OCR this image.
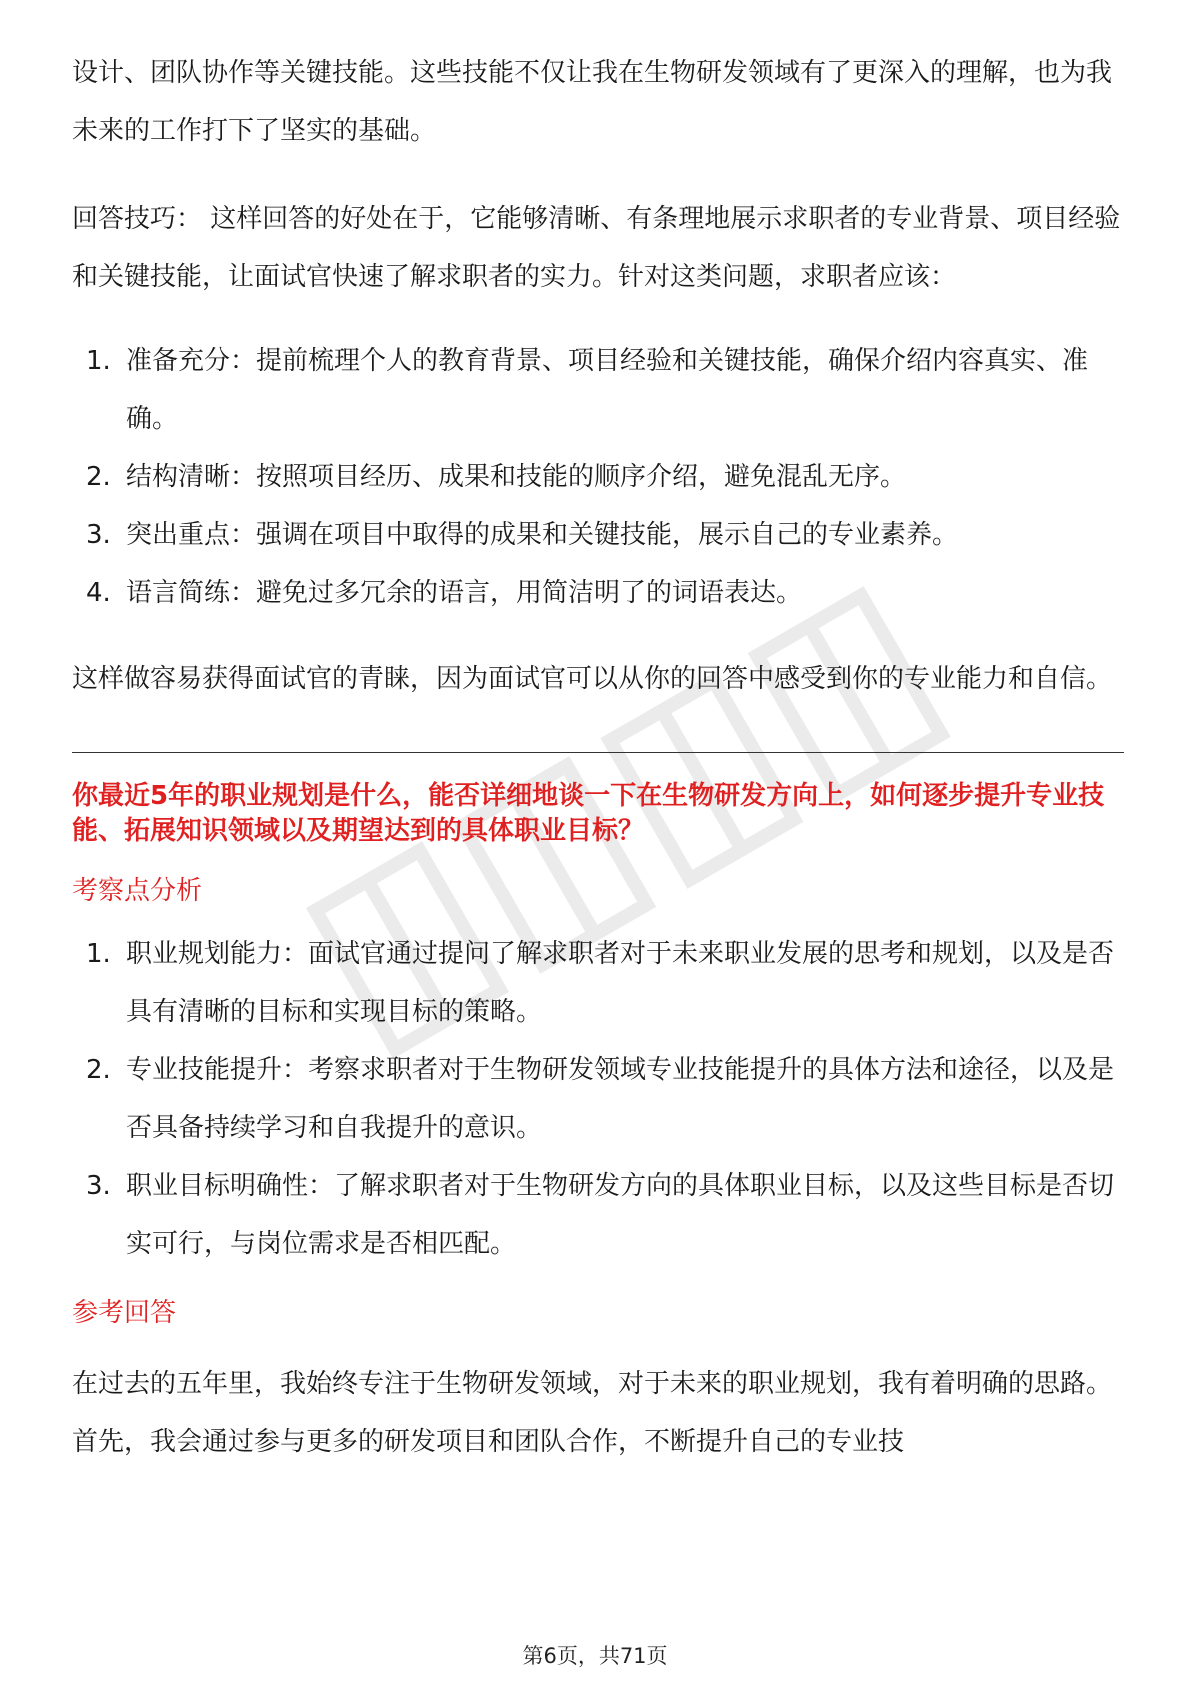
设计、团队协作等关键技能。这些技能不仅让我在生物研发领域有了更深入的理解，也为我未来的工作打下了坚实的基础。

回答技巧： 这样回答的好处在于，它能够清晰、有条理地展示求职者的专业背景、项目经验和关键技能，让面试官快速了解求职者的实力。针对这类问题，求职者应该：

1. 准备充分：提前梳理个人的教育背景、项目经验和关键技能，确保介绍内容真实、准确。
2. 结构清晰：按照项目经历、成果和技能的顺序介绍，避免混乱无序。
3. 突出重点：强调在项目中取得的成果和关键技能，展示自己的专业素养。
4. 语言简练：避免过多冗余的语言，用简洁明了的词语表达。

这样做容易获得面试官的青睐，因为面试官可以从你的回答中感受到你的专业能力和自信。

你最近5年的职业规划是什么，能否详细地谈一下在生物研发方向上，如何逐步提升专业技能、拓展知识领域以及期望达到的具体职业目标？

考察点分析

1. 职业规划能力：面试官通过提问了解求职者对于未来职业发展的思考和规划，以及是否具有清晰的目标和实现目标的策略。
2. 专业技能提升：考察求职者对于生物研发领域专业技能提升的具体方法和途径，以及是否具备持续学习和自我提升的意识。
3. 职业目标明确性：了解求职者对于生物研发方向的具体职业目标，以及这些目标是否切实可行，与岗位需求是否相匹配。

参考回答

在过去的五年里，我始终专注于生物研发领域，对于未来的职业规划，我有着明确的思路。首先，我会通过参与更多的研发项目和团队合作，不断提升自己的专业技

第6页，共71页
